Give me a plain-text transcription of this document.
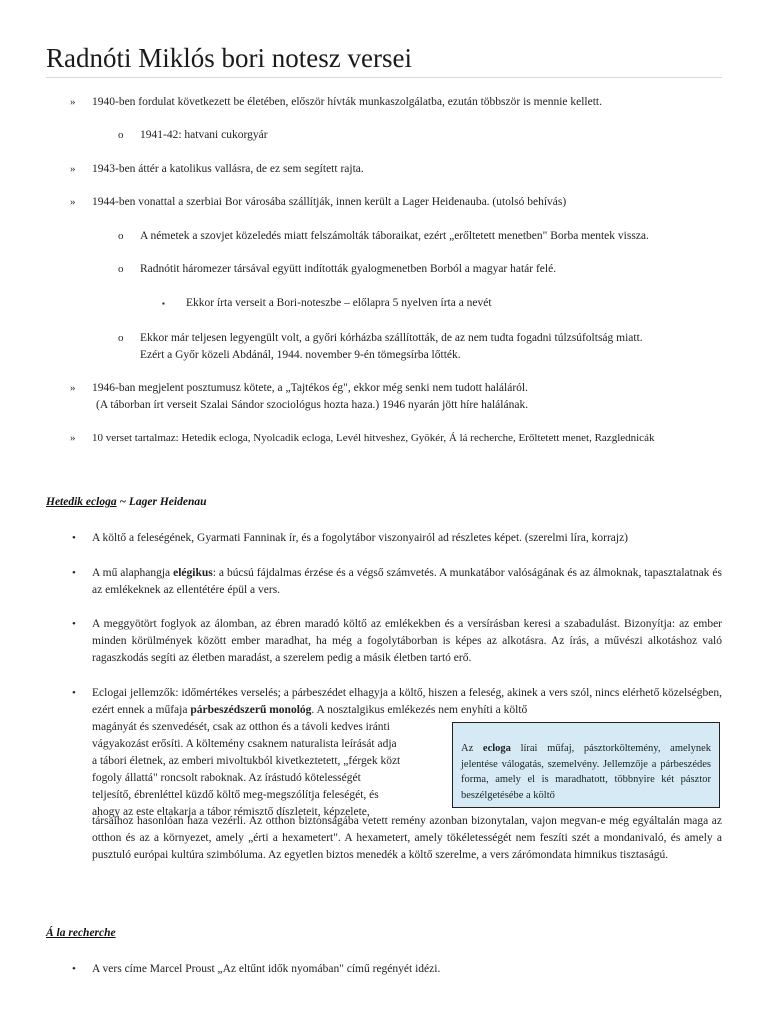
Radnóti Miklós bori notesz versei
» 1940-ben fordulat következett be életében, először hívták munkaszolgálatba, ezután többször is mennie kellett.
o 1941-42: hatvani cukorgyár
» 1943-ben áttér a katolikus vallásra, de ez sem segített rajta.
» 1944-ben vonattal a szerbiai Bor városába szállítják, innen került a Lager Heidenauba. (utolsó behívás)
o A németek a szovjet közeledés miatt felszámolták táboraikat, ezért „erőltetett menetben" Borba mentek vissza.
o Radnótit háromezer társával együtt indították gyalogmenetben Borból a magyar határ felé.
▪ Ekkor írta verseit a Bori-noteszbe – előlapra 5 nyelven írta a nevét
o Ekkor már teljesen legyengült volt, a győri kórházba szállították, de az nem tudta fogadni túlzsúfoltság miatt.
Ezért a Győr közeli Abdánál, 1944. november 9-én tömegsírba lőtték.
» 1946-ban megjelent posztumusz kötete, a „Tajtékos ég", ekkor még senki nem tudott haláláról.
(A táborban írt verseit Szalai Sándor szociológus hozta haza.) 1946 nyarán jött híre halálának.
» 10 verset tartalmaz: Hetedik ecloga, Nyolcadik ecloga, Levél hitveshez, Gyökér, Á lá recherche, Erőltetett menet, Razglednicák
Hetedik ecloga ~ Lager Heidenau
• A költő a feleségének, Gyarmati Fanninak ír, és a fogolytábor viszonyairól ad részletes képet. (szerelmi líra, korrajz)
• A mű alaphangja elégikus: a búcsú fájdalmas érzése és a végső számvetés. A munkatábor valóságának és az álmoknak, tapasztalatnak és az emlékeknek az ellentétére épül a vers.
• A meggyötört foglyok az álomban, az ébren maradó költő az emlékekben és a versírásban keresi a szabadulást. Bizonyítja: az ember minden körülmények között ember maradhat, ha még a fogolytáborban is képes az alkotásra. Az írás, a művészi alkotáshoz való ragaszkodás segíti az életben maradást, a szerelem pedig a másik életben tartó erő.
• Eclogai jellemzők: időmértékes verselés; a párbeszédet elhagyja a költő, hiszen a feleség, akinek a vers szól, nincs elérhető közelségben, ezért ennek a műfaja párbeszédszerű monológ. A nosztalgikus emlékezés nem enyhíti a költő
magányát és szenvedését, csak az otthon és a távoli kedves iránti
vágyakozást erősíti. A költemény csaknem naturalista leírását adja
a tábori életnek, az emberi mivoltukból kivetkeztetett, „férgek közt
fogoly állattá" roncsolt raboknak. Az írástudó kötelességét
teljesítő, ébrenléttel küzdő költő meg-megszólítja feleségét, és
ahogy az este eltakarja a tábor rémisztő díszleteit, képzelete,
Az ecloga lírai műfaj, pásztorköltemény, amelynek jelentése válogatás, szemelvény. Jellemzője a párbeszédes forma, amely el is maradhatott, többnyire két pásztor beszélgetésébe a költő
társaihoz hasonlóan haza vezérli. Az otthon biztonságába vetett remény azonban bizonytalan, vajon megvan-e még egyáltalán maga az otthon és az a környezet, amely „érti a hexametert". A hexametert, amely tökéletességét nem feszíti szét a mondanivaló, és amely a pusztuló európai kultúra szimbóluma. Az egyetlen biztos menedék a költő szerelme, a vers zárómondata himnikus tisztaságú.
Á la recherche
• A vers címe Marcel Proust „Az eltűnt idők nyomában" című regényét idézi.
